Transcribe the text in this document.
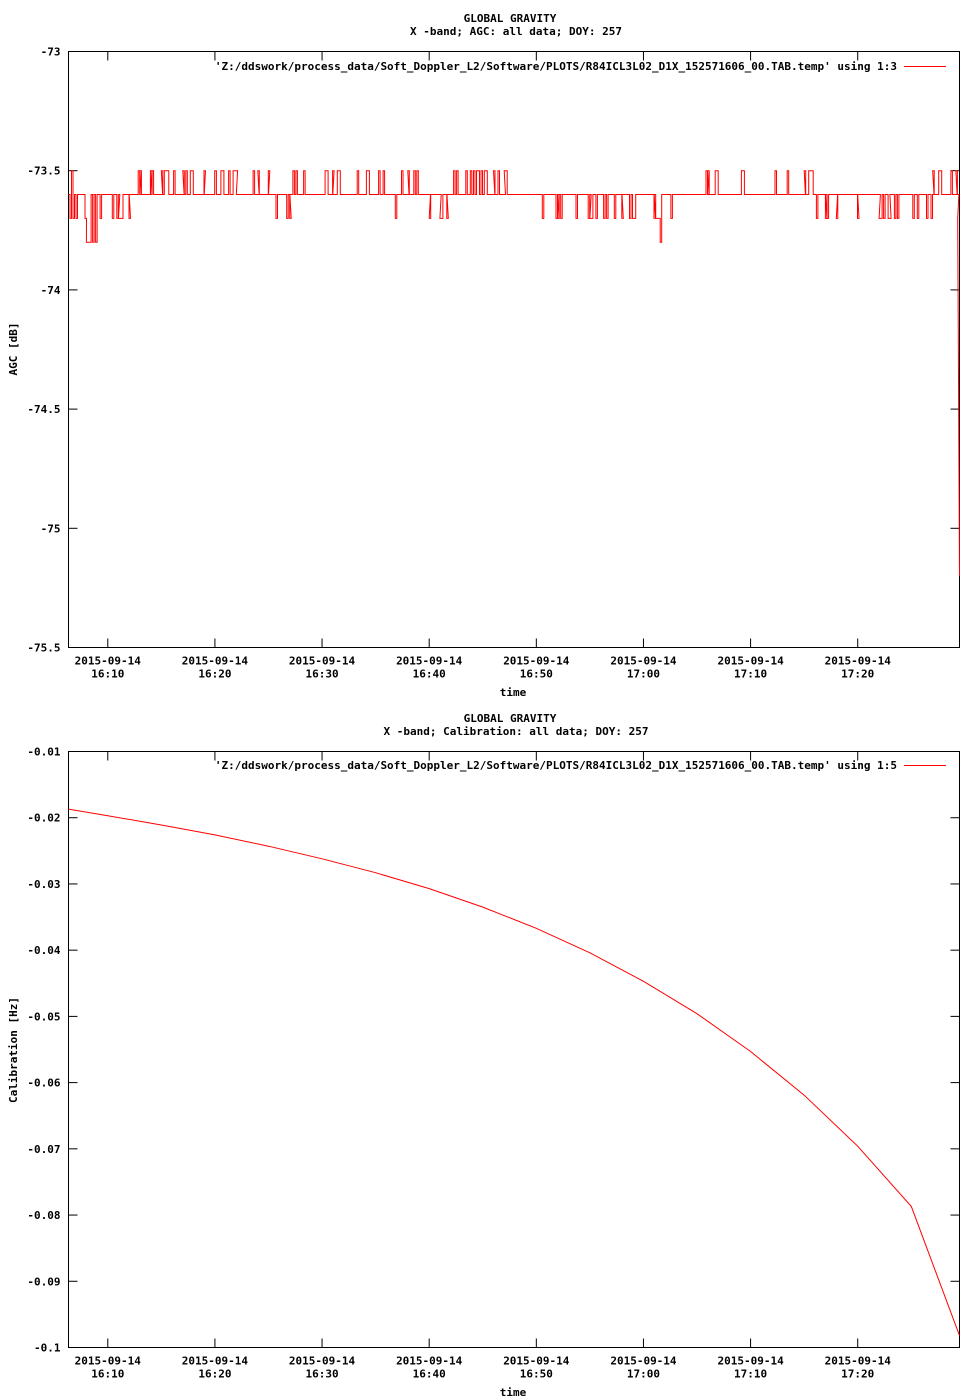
GLOBAL GRAVITY
X -band; AGC: all data; DOY: 257
AGC [dB]
time
-73
-73.5
-74
-74.5
-75
-75.5
2015-09-14
16:10
2015-09-14
16:20
2015-09-14
16:30
2015-09-14
16:40
2015-09-14
16:50
2015-09-14
17:00
2015-09-14
17:10
2015-09-14
17:20
'Z:/ddswork/process_data/Soft_Doppler_L2/Software/PLOTS/R84ICL3L02_D1X_152571606_00.TAB.temp' using 1:3
GLOBAL GRAVITY
X -band; Calibration: all data; DOY: 257
Calibration [Hz]
time
-0.01
-0.02
-0.03
-0.04
-0.05
-0.06
-0.07
-0.08
-0.09
-0.1
2015-09-14
16:10
2015-09-14
16:20
2015-09-14
16:30
2015-09-14
16:40
2015-09-14
16:50
2015-09-14
17:00
2015-09-14
17:10
2015-09-14
17:20
'Z:/ddswork/process_data/Soft_Doppler_L2/Software/PLOTS/R84ICL3L02_D1X_152571606_00.TAB.temp' using 1:5
